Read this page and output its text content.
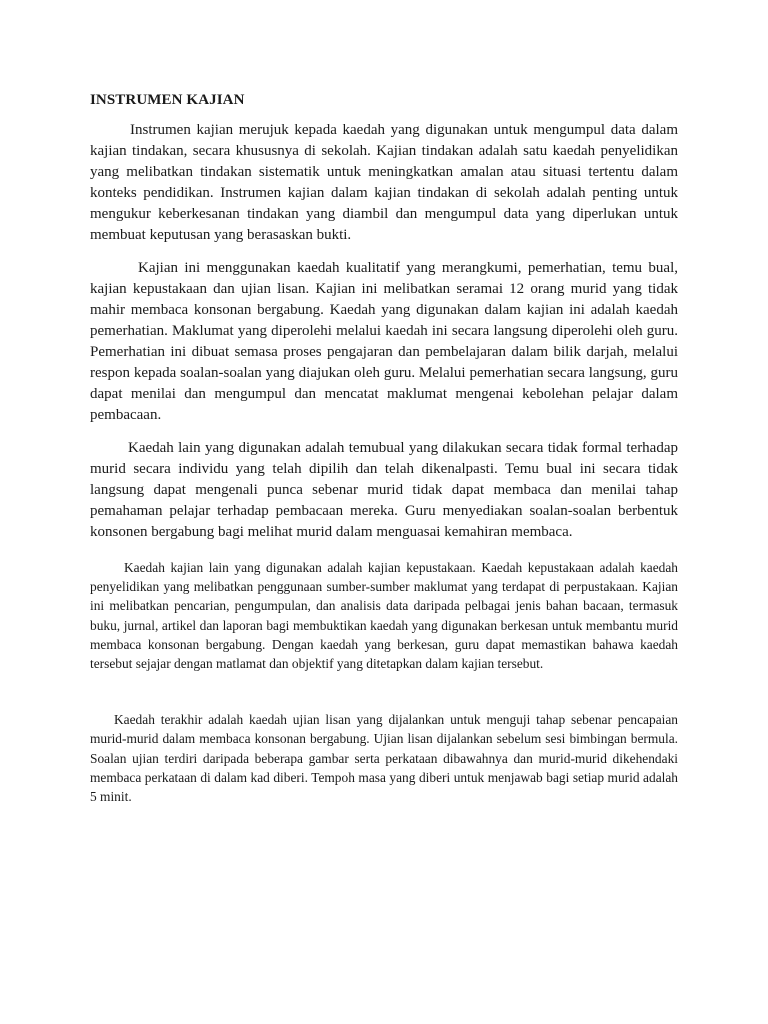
INSTRUMEN KAJIAN

Instrumen kajian merujuk kepada kaedah yang digunakan untuk mengumpul data dalam kajian tindakan, secara khususnya di sekolah. Kajian tindakan adalah satu kaedah penyelidikan yang melibatkan tindakan sistematik untuk meningkatkan amalan atau situasi tertentu dalam konteks pendidikan. Instrumen kajian dalam kajian tindakan di sekolah adalah penting untuk mengukur keberkesanan tindakan yang diambil dan mengumpul data yang diperlukan untuk membuat keputusan yang berasaskan bukti.

Kajian ini menggunakan kaedah kualitatif yang merangkumi, pemerhatian, temu bual, kajian kepustakaan dan ujian lisan. Kajian ini melibatkan seramai 12 orang murid yang tidak mahir membaca konsonan bergabung. Kaedah yang digunakan dalam kajian ini adalah kaedah pemerhatian. Maklumat yang diperolehi melalui kaedah ini secara langsung diperolehi oleh guru. Pemerhatian ini dibuat semasa proses pengajaran dan pembelajaran dalam bilik darjah, melalui respon kepada soalan-soalan yang diajukan oleh guru. Melalui pemerhatian secara langsung, guru dapat menilai dan mengumpul dan mencatat maklumat mengenai kebolehan pelajar dalam pembacaan.

Kaedah lain yang digunakan adalah temubual yang dilakukan secara tidak formal terhadap murid secara individu yang telah dipilih dan telah dikenalpasti. Temu bual ini secara tidak langsung dapat mengenali punca sebenar murid tidak dapat membaca dan menilai tahap pemahaman pelajar terhadap pembacaan mereka. Guru menyediakan soalan-soalan berbentuk konsonen bergabung bagi melihat murid dalam menguasai kemahiran membaca.

Kaedah kajian lain yang digunakan adalah kajian kepustakaan. Kaedah kepustakaan adalah kaedah penyelidikan yang melibatkan penggunaan sumber-sumber maklumat yang terdapat di perpustakaan. Kajian ini melibatkan pencarian, pengumpulan, dan analisis data daripada pelbagai jenis bahan bacaan, termasuk buku, jurnal, artikel dan laporan bagi membuktikan kaedah yang digunakan berkesan untuk membantu murid membaca konsonan bergabung. Dengan kaedah yang berkesan, guru dapat memastikan bahawa kaedah tersebut sejajar dengan matlamat dan objektif yang ditetapkan dalam kajian tersebut.

Kaedah terakhir adalah kaedah ujian lisan yang dijalankan untuk menguji tahap sebenar pencapaian murid-murid dalam membaca konsonan bergabung. Ujian lisan dijalankan sebelum sesi bimbingan bermula. Soalan ujian terdiri daripada beberapa gambar serta perkataan dibawahnya dan murid-murid dikehendaki membaca perkataan di dalam kad diberi. Tempoh masa yang diberi untuk menjawab bagi setiap murid adalah 5 minit.
